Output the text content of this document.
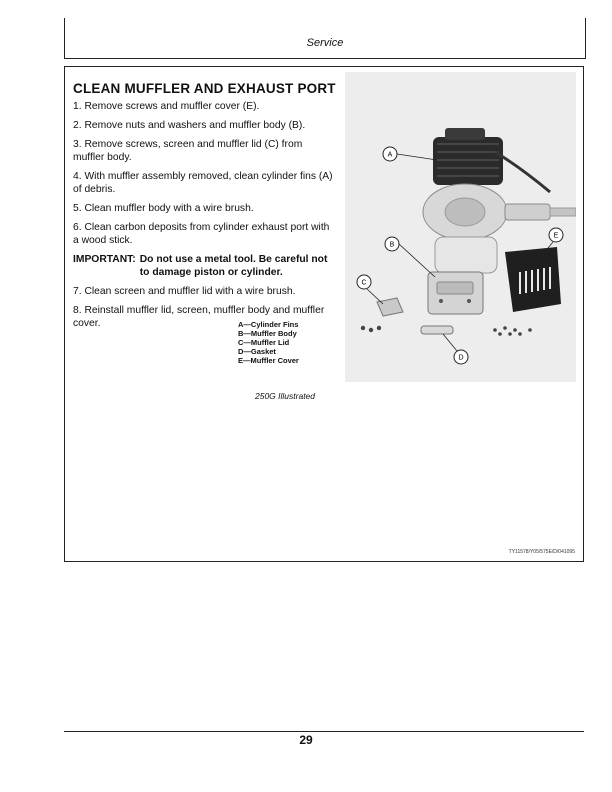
Service
CLEAN MUFFLER AND EXHAUST PORT

1. Remove screws and muffler cover (E).

2. Remove nuts and washers and muffler body (B).

3. Remove screws, screen and muffler lid (C) from muffler body.

4. With muffler assembly removed, clean cylinder fins (A) of debris.

5. Clean muffler body with a wire brush.

6. Clean carbon deposits from cylinder exhaust port with a wood stick.

IMPORTANT: Do not use a metal tool. Be careful not to damage piston or cylinder.

7. Clean screen and muffler lid with a wire brush.

8. Reinstall muffler lid, screen, muffler body and muffler cover.	A—Cylinder Fins
B—Muffler Body
C—Muffler Lid
D—Gasket
E—Muffler Cover
250G Illustrated
A
B
C
D
E
TY11578/Y05/575E/D/041095
29
